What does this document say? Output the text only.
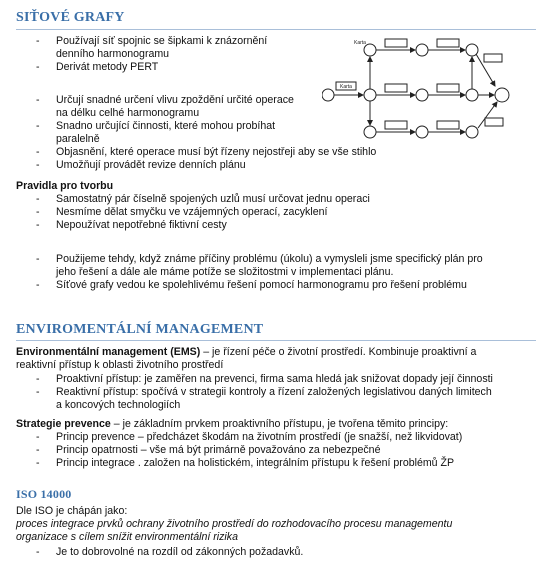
SIŤOVÉ GRAFY
- Používají síť spojnic se šipkami k znázornění
denního harmonogramu
- Derivát metody PERT
- Určují snadné určení vlivu zpoždění určité operace
na délku celhé harmonogramu
- Snadno určující činnosti, které mohou probíhat
paralelně
- Objasnění, které operace musí být řízeny nejostřeji aby se vše stihlo
- Umožňují provádět revize denních plánu
Pravidla pro tvorbu
- Samostatný pár číselně spojených uzlů musí určovat jednu operaci
- Nesmíme dělat smyčku ve vzájemných operací, zacyklení
- Nepoužívat nepotřebné fiktivní cesty
- Použijeme tehdy, když známe příčiny problému (úkolu) a vymysleli jsme specifický plán pro
jeho řešení a dále ale máme potíže se složitostmi v implementaci plánu.
- Síťové grafy vedou ke spolehlivému řešení pomocí harmonogramu pro řešení problému
Karta
Karta
ENVIROMENTÁLNÍ MANAGEMENT
Environmentální management (EMS) – je řízení péče o životní prostředí. Kombinuje proaktivní a
reaktivní přístup k oblasti životního prostředí
- Proaktivní přístup: je zaměřen na prevenci, firma sama hledá jak snižovat dopady její činnosti
- Reaktivní přístup: spočívá v strategii kontroly a řízení založených legislativou daných limitech
a koncových technologiích
Strategie prevence – je základním prvkem proaktivního přístupu, je tvořena těmito principy:
- Princip prevence – předcházet škodám na životním prostředí (je snažší, než likvidovat)
- Princip opatrnosti – vše má být primárně považováno za nebezpečné
- Princip integrace . založen na holistickém, integrálním přístupu k řešení problémů ŽP
ISO 14000
Dle ISO je chápán jako:
proces integrace prvků ochrany životního prostředí do rozhodovacího procesu managementu
organizace s cílem snížit environmentální rizika
- Je to dobrovolné na rozdíl od zákonných požadavků.
